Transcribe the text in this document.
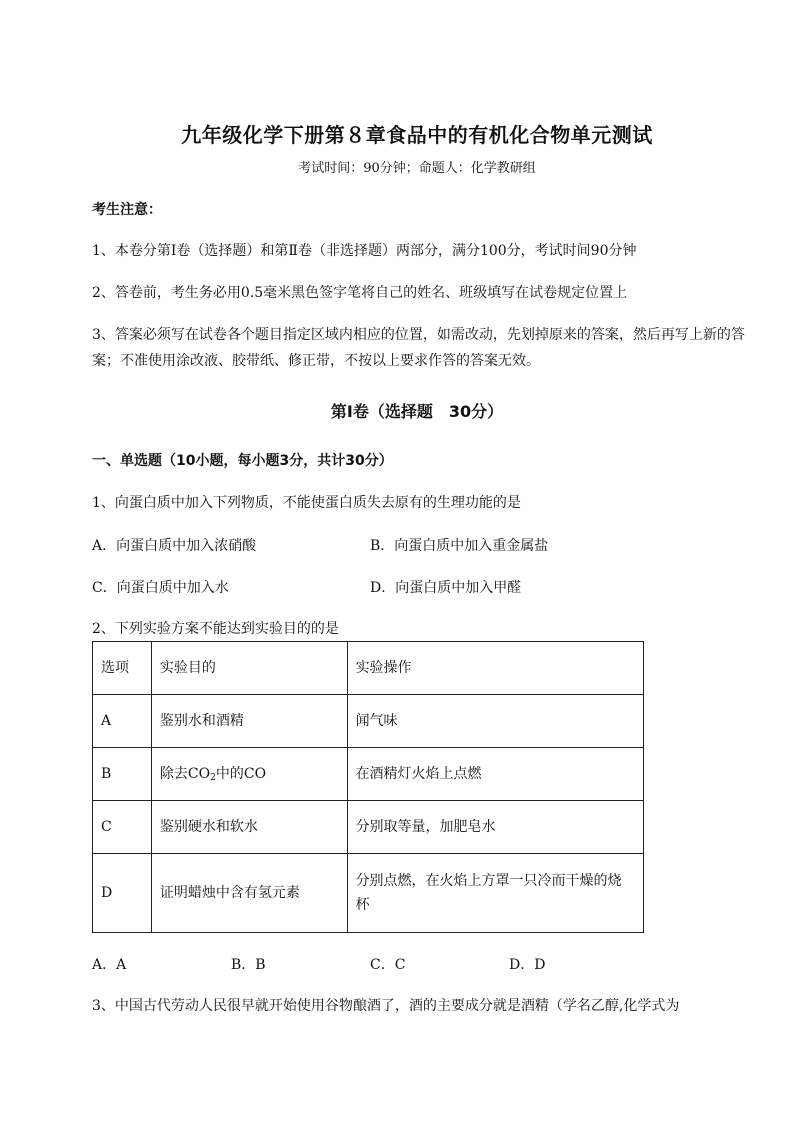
九年级化学下册第８章食品中的有机化合物单元测试
考试时间：90分钟；命题人：化学教研组
考生注意：
1、本卷分第Ⅰ卷（选择题）和第Ⅱ卷（非选择题）两部分，满分100分，考试时间90分钟
2、答卷前，考生务必用0.5毫米黑色签字笔将自己的姓名、班级填写在试卷规定位置上
3、答案必须写在试卷各个题目指定区域内相应的位置，如需改动，先划掉原来的答案，然后再写上新的答案；不准使用涂改液、胶带纸、修正带，不按以上要求作答的答案无效。
第Ⅰ卷（选择题　30分）
一、单选题（10小题，每小题3分，共计30分）
1、向蛋白质中加入下列物质，不能使蛋白质失去原有的生理功能的是
A．向蛋白质中加入浓硝酸	B．向蛋白质中加入重金属盐
C．向蛋白质中加入水	D．向蛋白质中加入甲醛
2、下列实验方案不能达到实验目的的是
选项	实验目的	实验操作
A	鉴别水和酒精	闻气味
B	除去$CO_2$中的CO	在酒精灯火焰上点燃
C	鉴别硬水和软水	分别取等量，加肥皂水
D	证明蜡烛中含有氢元素	分别点燃，在火焰上方罩一只冷而干燥的烧杯
A．A	B．B	C．C	D．D
3、中国古代劳动人民很早就开始使用谷物酿酒了，酒的主要成分就是酒精（学名乙醇,化学式为
